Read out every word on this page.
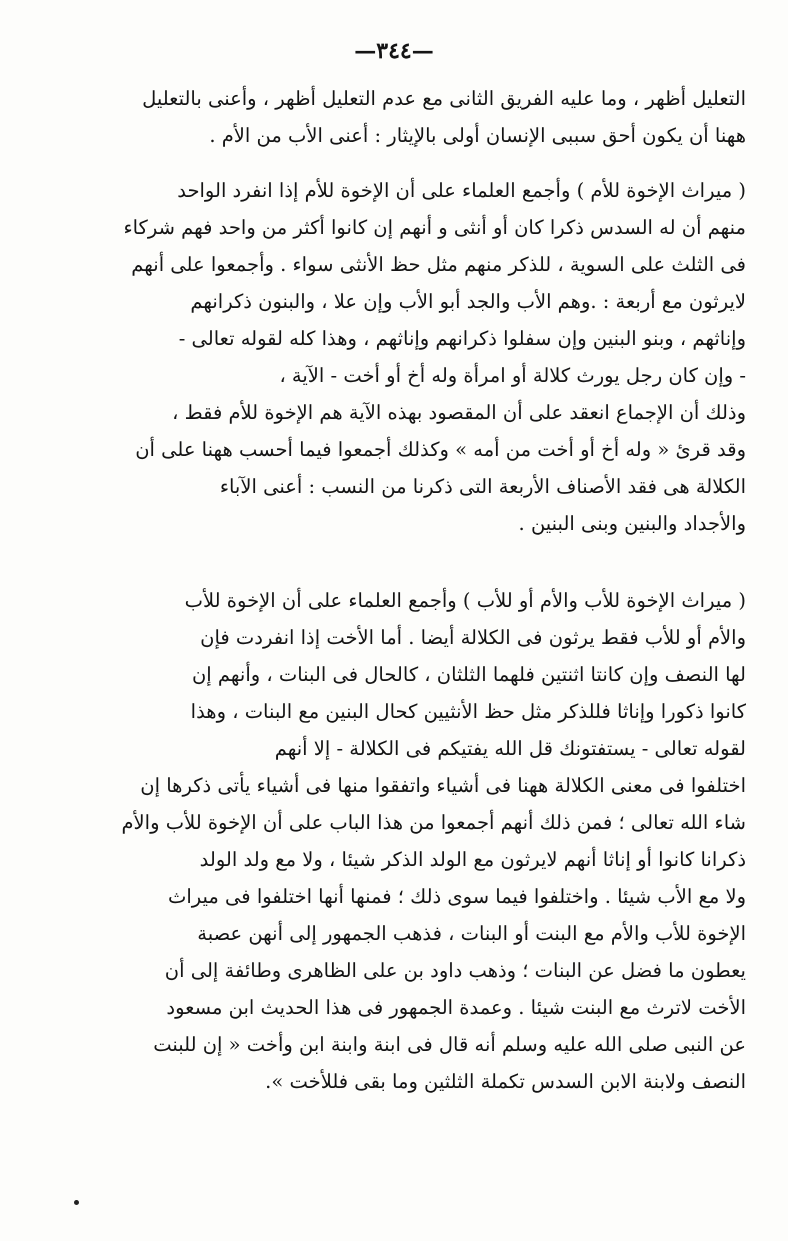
—٣٤٤—

التعليل أظهر ، وما عليه الفريق الثانى مع عدم التعليل أظهر ، وأعنى بالتعليل
ههنا أن يكون أحق سببى الإنسان أولى بالإيثار : أعنى الأب من الأم .

( ميراث الإخوة للأم ) وأجمع العلماء على أن الإخوة للأم إذا انفرد الواحد
منهم أن له السدس ذكرا كان أو أنثى و أنهم إن كانوا أكثر من واحد فهم شركاء
فى الثلث على السوية ، للذكر منهم مثل حظ الأنثى سواء . وأجمعوا على أنهم
لايرثون مع أربعة : .وهم الأب والجد أبو الأب وإن علا ، والبنون ذكرانهم
وإناثهم ، وبنو البنين وإن سفلوا ذكرانهم وإناثهم ، وهذا كله لقوله تعالى -
- وإن كان رجل يورث كلالة أو امرأة وله أخ أو أخت - الآية ،
وذلك أن الإجماع انعقد على أن المقصود بهذه الآية هم الإخوة للأم فقط ،
وقد قرئ « وله أخ أو أخت من أمه » وكذلك أجمعوا فيما أحسب ههنا على أن
الكلالة هى فقد الأصناف الأربعة التى ذكرنا من النسب : أعنى الآباء
والأجداد والبنين وبنى البنين .

( ميراث الإخوة للأب والأم أو للأب ) وأجمع العلماء على أن الإخوة للأب
والأم أو للأب فقط يرثون فى الكلالة أيضا . أما الأخت إذا انفردت فإن
لها النصف وإن كانتا اثنتين فلهما الثلثان ، كالحال فى البنات ، وأنهم إن
كانوا ذكورا وإناثا فللذكر مثل حظ الأنثيين كحال البنين مع البنات ، وهذا
لقوله تعالى - يستفتونك قل الله يفتيكم فى الكلالة - إلا أنهم
اختلفوا فى معنى الكلالة ههنا فى أشياء واتفقوا منها فى أشياء يأتى ذكرها إن
شاء الله تعالى ؛ فمن ذلك أنهم أجمعوا من هذا الباب على أن الإخوة للأب والأم
ذكرانا كانوا أو إناثا أنهم لايرثون مع الولد الذكر شيئا ، ولا مع ولد الولد
ولا مع الأب شيئا . واختلفوا فيما سوى ذلك ؛ فمنها أنها اختلفوا فى ميراث
الإخوة للأب والأم مع البنت أو البنات ، فذهب الجمهور إلى أنهن عصبة
يعطون ما فضل عن البنات ؛ وذهب داود بن على الظاهرى وطائفة إلى أن
الأخت لاترث مع البنت شيئا . وعمدة الجمهور فى هذا الحديث ابن مسعود
عن النبى صلى الله عليه وسلم أنه قال فى ابنة وابنة ابن وأخت « إن للبنت
النصف ولابنة الابن السدس تكملة الثلثين وما بقى فللأخت ».
